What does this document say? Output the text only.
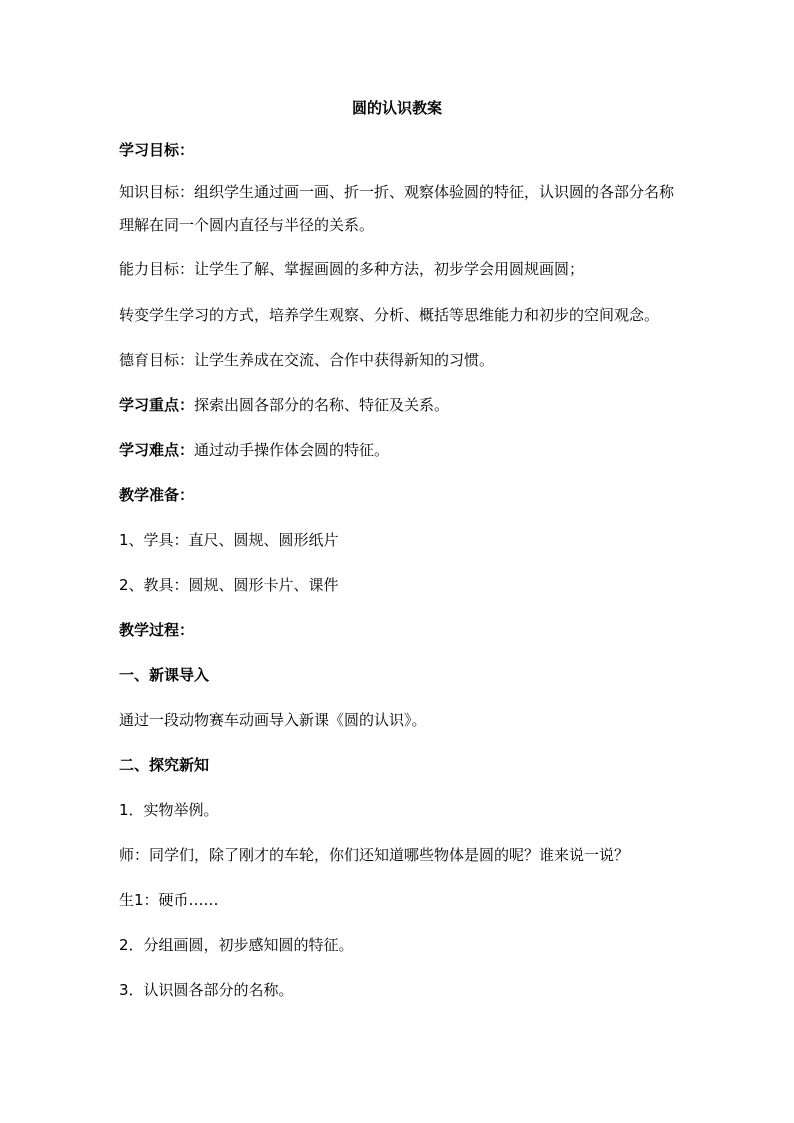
圆的认识教案
学习目标：
知识目标：组织学生通过画一画、折一折、观察体验圆的特征，认识圆的各部分名称理解在同一个圆内直径与半径的关系。
能力目标：让学生了解、掌握画圆的多种方法，初步学会用圆规画圆；
转变学生学习的方式，培养学生观察、分析、概括等思维能力和初步的空间观念。
德育目标：让学生养成在交流、合作中获得新知的习惯。
学习重点：探索出圆各部分的名称、特征及关系。
学习难点：通过动手操作体会圆的特征。
教学准备：
1、学具：直尺、圆规、圆形纸片
2、教具：圆规、圆形卡片、课件
教学过程：
一、新课导入
通过一段动物赛车动画导入新课《圆的认识》。
二、探究新知
1．实物举例。
师：同学们，除了刚才的车轮，你们还知道哪些物体是圆的呢？谁来说一说？
生1：硬币……
2．分组画圆，初步感知圆的特征。
3．认识圆各部分的名称。
